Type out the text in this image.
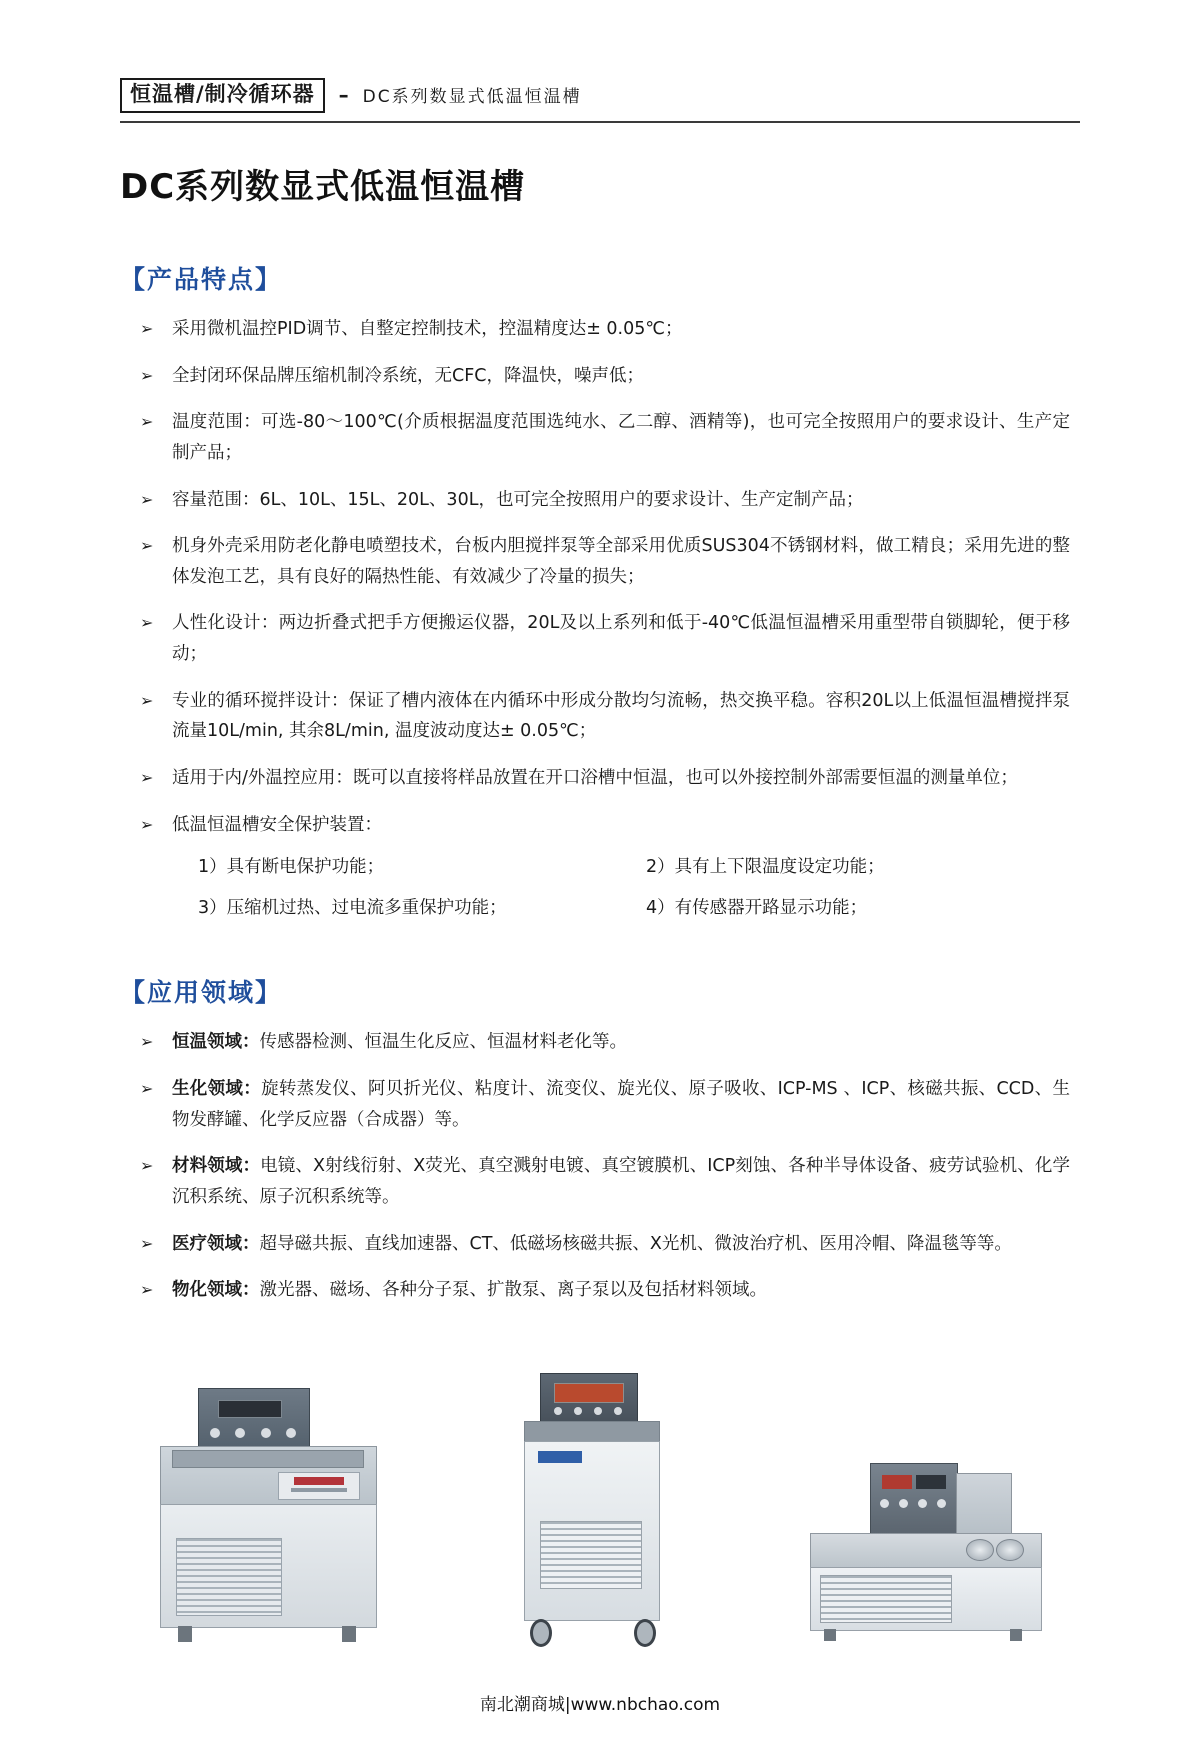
恒温槽/制冷循环器	– DC系列数显式低温恒温槽
DC系列数显式低温恒温槽
【产品特点】
➢ 采用微机温控PID调节、自整定控制技术，控温精度达± 0.05℃；
➢ 全封闭环保品牌压缩机制冷系统，无CFC，降温快，噪声低；
➢ 温度范围：可选-80～100℃(介质根据温度范围选纯水、乙二醇、酒精等)，也可完全按照用户的要求设计、生产定制产品；
➢ 容量范围：6L、10L、15L、20L、30L，也可完全按照用户的要求设计、生产定制产品；
➢ 机身外壳采用防老化静电喷塑技术，台板内胆搅拌泵等全部采用优质SUS304不锈钢材料，做工精良；采用先进的整体发泡工艺，具有良好的隔热性能、有效减少了冷量的损失；
➢ 人性化设计：两边折叠式把手方便搬运仪器，20L及以上系列和低于-40℃低温恒温槽采用重型带自锁脚轮，便于移动；
➢ 专业的循环搅拌设计：保证了槽内液体在内循环中形成分散均匀流畅，热交换平稳。容积20L以上低温恒温槽搅拌泵流量10L/min, 其余8L/min, 温度波动度达± 0.05℃；
➢ 适用于内/外温控应用：既可以直接将样品放置在开口浴槽中恒温，也可以外接控制外部需要恒温的测量单位；
➢ 低温恒温槽安全保护装置：
1）具有断电保护功能；	2）具有上下限温度设定功能；
3）压缩机过热、过电流多重保护功能；	4）有传感器开路显示功能；
【应用领域】
➢ 恒温领域：传感器检测、恒温生化反应、恒温材料老化等。
➢ 生化领域：旋转蒸发仪、阿贝折光仪、粘度计、流变仪、旋光仪、原子吸收、ICP-MS 、ICP、核磁共振、CCD、生物发酵罐、化学反应器（合成器）等。
➢ 材料领域：电镜、X射线衍射、X荧光、真空溅射电镀、真空镀膜机、ICP刻蚀、各种半导体设备、疲劳试验机、化学沉积系统、原子沉积系统等。
➢ 医疗领域：超导磁共振、直线加速器、CT、低磁场核磁共振、X光机、微波治疗机、医用冷帽、降温毯等等。
➢ 物化领域：激光器、磁场、各种分子泵、扩散泵、离子泵以及包括材料领域。
南北潮商城|www.nbchao.com
